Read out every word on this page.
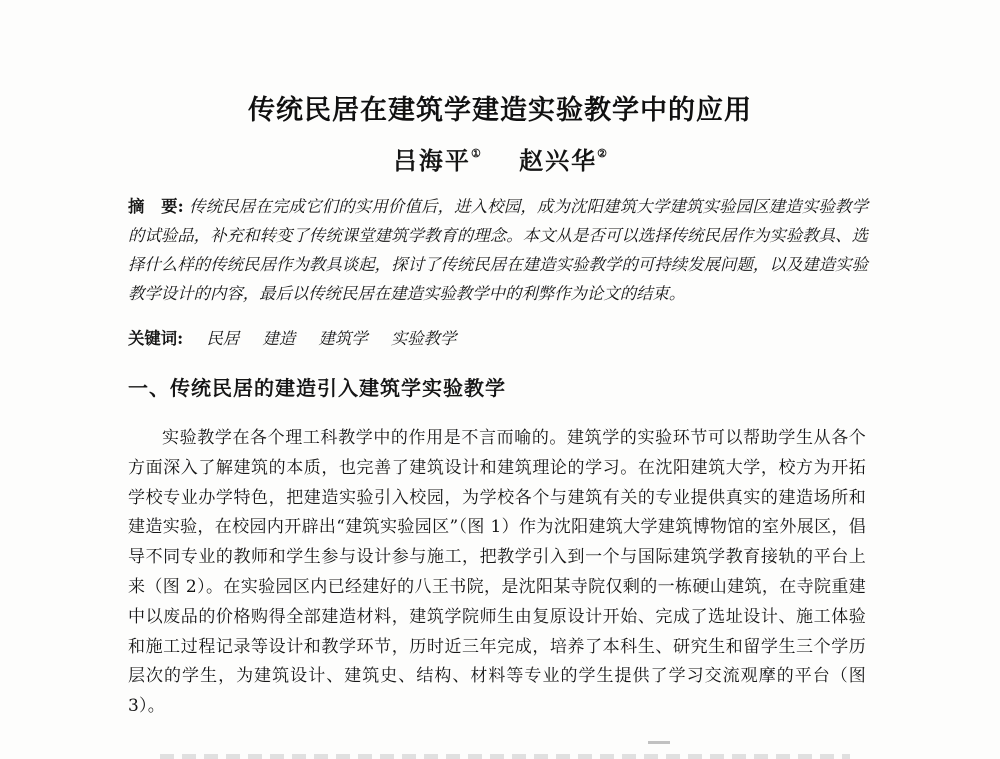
传统民居在建筑学建造实验教学中的应用
吕海平① 赵兴华②
摘　要: 传统民居在完成它们的实用价值后，进入校园，成为沈阳建筑大学建筑实验园区建造实验教学的试验品，补充和转变了传统课堂建筑学教育的理念。本文从是否可以选择传统民居作为实验教具、选择什么样的传统民居作为教具谈起，探讨了传统民居在建造实验教学的可持续发展问题，以及建造实验教学设计的内容，最后以传统民居在建造实验教学中的利弊作为论文的结束。
关键词: 民居 建造 建筑学 实验教学
一、传统民居的建造引入建筑学实验教学
实验教学在各个理工科教学中的作用是不言而喻的。建筑学的实验环节可以帮助学生从各个方面深入了解建筑的本质，也完善了建筑设计和建筑理论的学习。在沈阳建筑大学，校方为开拓学校专业办学特色，把建造实验引入校园，为学校各个与建筑有关的专业提供真实的建造场所和建造实验，在校园内开辟出“建筑实验园区”（图 1）作为沈阳建筑大学建筑博物馆的室外展区，倡导不同专业的教师和学生参与设计参与施工，把教学引入到一个与国际建筑学教育接轨的平台上来（图 2）。在实验园区内已经建好的八王书院，是沈阳某寺院仅剩的一栋硬山建筑，在寺院重建中以废品的价格购得全部建造材料，建筑学院师生由复原设计开始、完成了选址设计、施工体验和施工过程记录等设计和教学环节，历时近三年完成，培养了本科生、研究生和留学生三个学历层次的学生，为建筑设计、建筑史、结构、材料等专业的学生提供了学习交流观摩的平台（图 3）。
